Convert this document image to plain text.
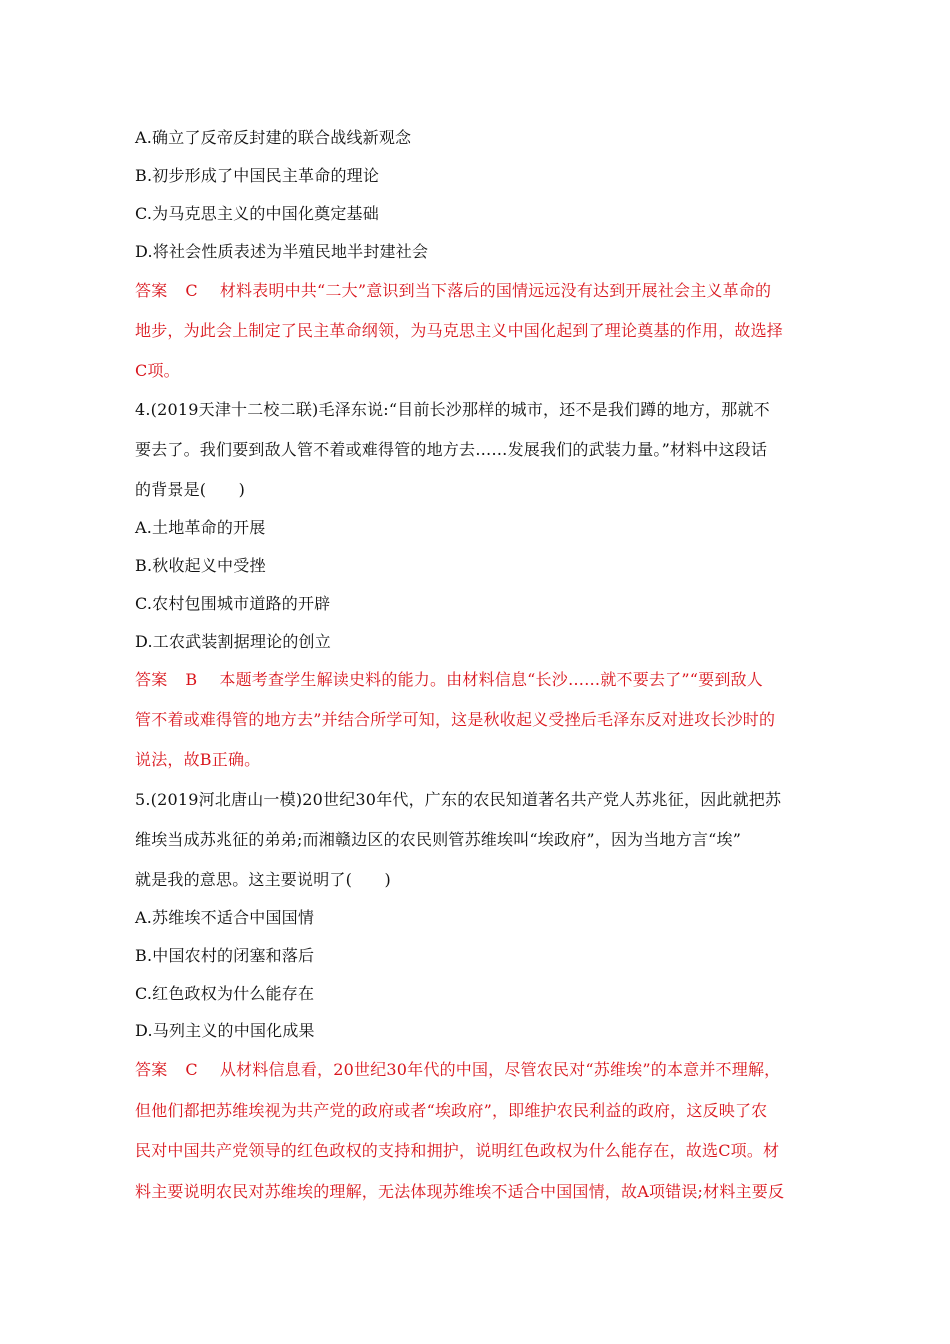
A.确立了反帝反封建的联合战线新观念
B.初步形成了中国民主革命的理论
C.为马克思主义的中国化奠定基础
D.将社会性质表述为半殖民地半封建社会
答案 C 材料表明中共“二大”意识到当下落后的国情远远没有达到开展社会主义革命的
地步，为此会上制定了民主革命纲领，为马克思主义中国化起到了理论奠基的作用，故选择
C项。
4.(2019天津十二校二联)毛泽东说:“目前长沙那样的城市，还不是我们蹲的地方，那就不
要去了。我们要到敌人管不着或难得管的地方去……发展我们的武装力量。”材料中这段话
的背景是(　　)
A.土地革命的开展
B.秋收起义中受挫
C.农村包围城市道路的开辟
D.工农武装割据理论的创立
答案 B 本题考查学生解读史料的能力。由材料信息“长沙……就不要去了”“要到敌人
管不着或难得管的地方去”并结合所学可知，这是秋收起义受挫后毛泽东反对进攻长沙时的
说法，故B正确。
5.(2019河北唐山一模)20世纪30年代，广东的农民知道著名共产党人苏兆征，因此就把苏
维埃当成苏兆征的弟弟;而湘赣边区的农民则管苏维埃叫“埃政府”，因为当地方言“埃”
就是我的意思。这主要说明了(　　)
A.苏维埃不适合中国国情
B.中国农村的闭塞和落后
C.红色政权为什么能存在
D.马列主义的中国化成果
答案 C 从材料信息看，20世纪30年代的中国，尽管农民对“苏维埃”的本意并不理解，
但他们都把苏维埃视为共产党的政府或者“埃政府”，即维护农民利益的政府，这反映了农
民对中国共产党领导的红色政权的支持和拥护，说明红色政权为什么能存在，故选C项。材
料主要说明农民对苏维埃的理解，无法体现苏维埃不适合中国国情，故A项错误;材料主要反
